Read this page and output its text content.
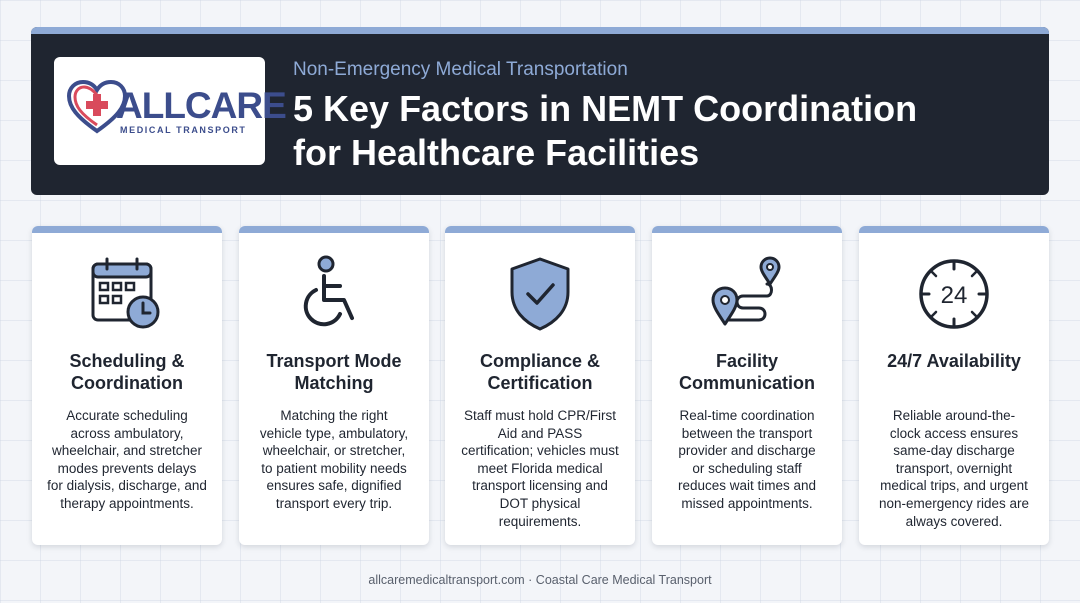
ALLCARE
MEDICAL TRANSPORT
Non-Emergency Medical Transportation
5 Key Factors in NEMT Coordination
for Healthcare Facilities
Scheduling &
Coordination
Accurate scheduling
across ambulatory,
wheelchair, and stretcher
modes prevents delays
for dialysis, discharge, and
therapy appointments.
Transport Mode
Matching
Matching the right
vehicle type, ambulatory,
wheelchair, or stretcher,
to patient mobility needs
ensures safe, dignified
transport every trip.
Compliance &
Certification
Staff must hold CPR/First
Aid and PASS
certification; vehicles must
meet Florida medical
transport licensing and
DOT physical
requirements.
Facility
Communication
Real-time coordination
between the transport
provider and discharge
or scheduling staff
reduces wait times and
missed appointments.
24
24/7 Availability
Reliable around-the-
clock access ensures
same-day discharge
transport, overnight
medical trips, and urgent
non-emergency rides are
always covered.
allcaremedicaltransport.com · Coastal Care Medical Transport
